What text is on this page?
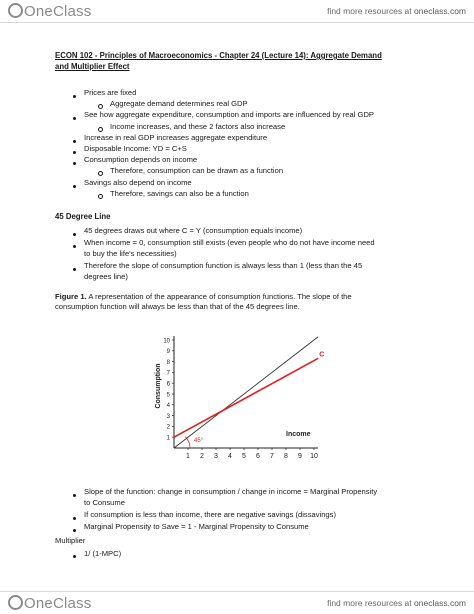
OneClass	find more resources at oneclass.com
ECON 102 - Principles of Macroeconomics - Chapter 24 (Lecture 14): Aggregate Demand
and Multiplier Effect
Prices are fixed
Aggregate demand determines real GDP
See how aggregate expenditure, consumption and imports are influenced by real GDP
Income increases, and these 2 factors also increase
Increase in real GDP increases aggregate expenditure
Disposable Income: YD = C+S
Consumption depends on income
Therefore, consumption can be drawn as a function
Savings also depend on income
Therefore, savings can also be a function
45 Degree Line
45 degrees draws out where C = Y (consumption equals income)
When income = 0, consumption still exists (even people who do not have income need
to buy the life's necessities)
Therefore the slope of consumption function is always less than 1 (less than the 45
degrees line)
Figure 1. A representation of the appearance of consumption functions. The slope of the
consumption function will always be less than that of the 45 degrees line.
1 2 3 4 5 6 7 8 9 10
1
2
3
4
5
6
7
8
9
10
Income
Consumption
C
45°
Slope of the function: change in consumption / change in income = Marginal Propensity
to Consume
If consumption is less than income, there are negative savings (dissavings)
Marginal Propensity to Save = 1 - Marginal Propensity to Consume
Multiplier
1/ (1-MPC)
OneClass	find more resources at oneclass.com
